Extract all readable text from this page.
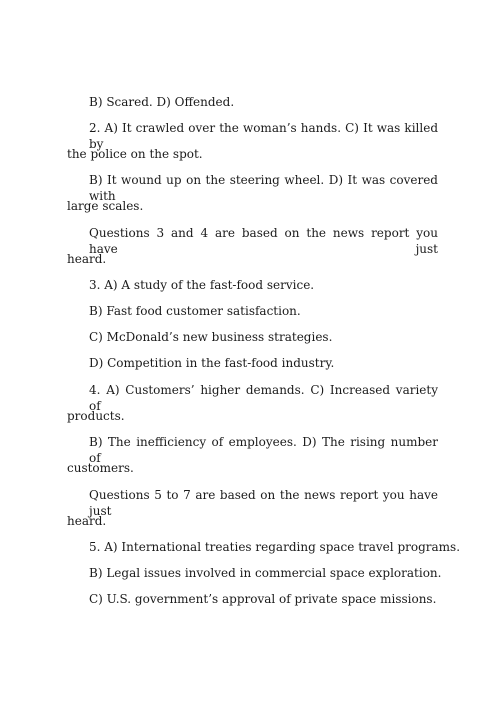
B) Scared. D) Offended.
2. A) It crawled over the woman’s hands. C) It was killed by
the police on the spot.
B) It wound up on the steering wheel. D) It was covered with
large scales.
Questions 3 and 4 are based on the news report you have just
heard.
3. A) A study of the fast-food service.
B) Fast food customer satisfaction.
C) McDonald’s new business strategies.
D) Competition in the fast-food industry.
4. A) Customers’ higher demands. C) Increased variety of
products.
B) The inefficiency of employees. D) The rising number of
customers.
Questions 5 to 7 are based on the news report you have just
heard.
5. A) International treaties regarding space travel programs.
B) Legal issues involved in commercial space exploration.
C) U.S. government’s approval of private space missions.
